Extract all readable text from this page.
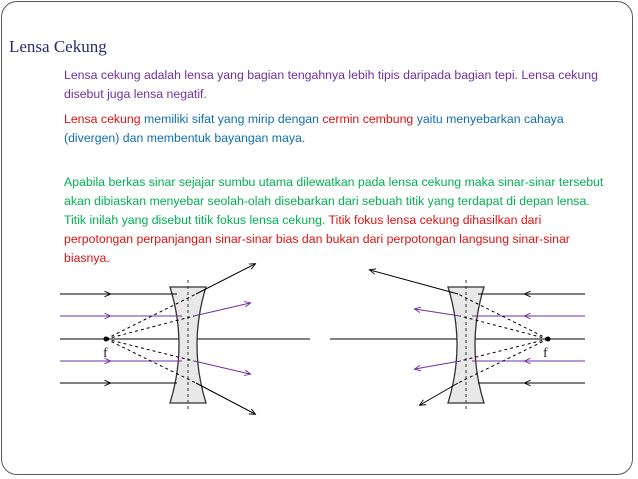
Lensa Cekung

Lensa cekung adalah lensa yang bagian tengahnya lebih tipis daripada bagian tepi. Lensa cekung disebut juga lensa negatif.

Lensa cekung memiliki sifat yang mirip dengan cermin cembung yaitu menyebarkan cahaya (divergen) dan membentuk bayangan maya.

Apabila berkas sinar sejajar sumbu utama dilewatkan pada lensa cekung maka sinar-sinar tersebut akan dibiaskan menyebar seolah-olah disebarkan dari sebuah titik yang terdapat di depan lensa. Titik inilah yang disebut titik fokus lensa cekung. Titik fokus lensa cekung dihasilkan dari perpotongan perpanjangan sinar-sinar bias dan bukan dari perpotongan langsung sinar-sinar biasnya.

f	f
